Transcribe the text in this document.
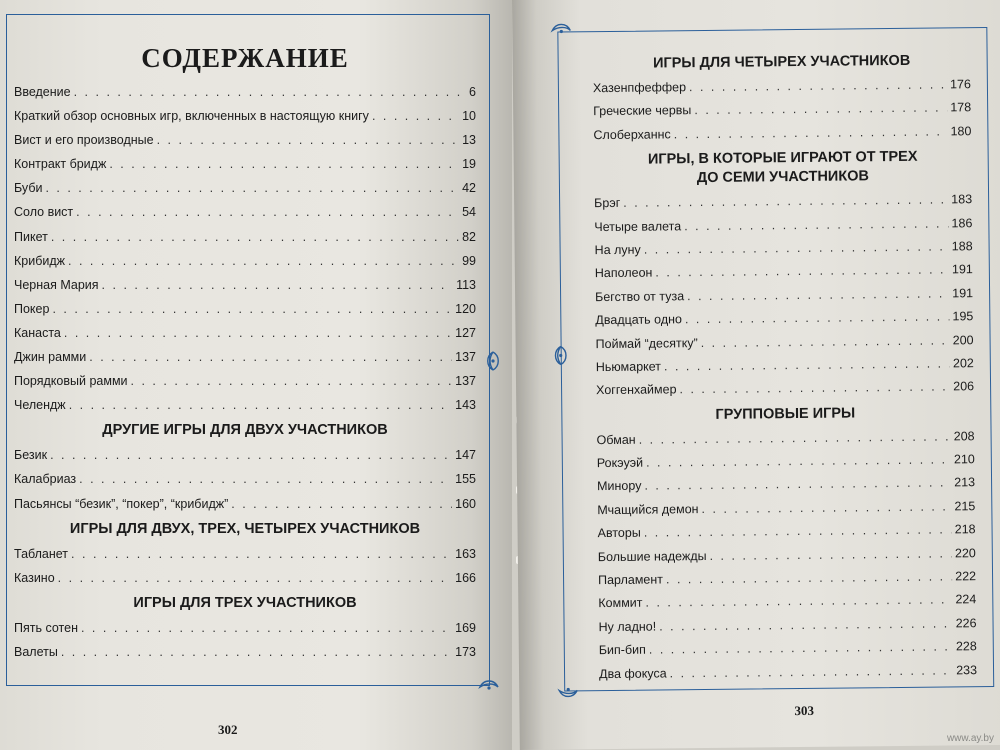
СОДЕРЖАНИЕ
Введение . . .	6
Краткий обзор основных игр, включенных в настоящую книгу . . .	10
Вист и его производные . . .	13
Контракт бридж . . .	19
Буби . . .	42
Соло вист . . .	54
Пикет . . .	82
Крибидж . . .	99
Черная Мария . . .	113
Покер . . .	120
Канаста . . .	127
Джин рамми . . .	137
Порядковый рамми . . .	137
Челендж . . .	143
ДРУГИЕ ИГРЫ ДЛЯ ДВУХ УЧАСТНИКОВ
Безик . . .	147
Калабриаз . . .	155
Пасьянсы “безик”, “покер”, “крибидж” . . .	160
ИГРЫ ДЛЯ ДВУХ, ТРЕХ, ЧЕТЫРЕХ УЧАСТНИКОВ
Табланет . . .	163
Казино . . .	166
ИГРЫ ДЛЯ ТРЕХ УЧАСТНИКОВ
Пять сотен . . .	169
Валеты . . .	173
302
ИГРЫ ДЛЯ ЧЕТЫРЕХ УЧАСТНИКОВ
Хазенпфеффер . . .	176
Греческие червы . . .	178
Слоберханнс . . .	180
ИГРЫ, В КОТОРЫЕ ИГРАЮТ ОТ ТРЕХ
ДО СЕМИ УЧАСТНИКОВ
Брэг . . .	183
Четыре валета . . .	186
На луну . . .	188
Наполеон . . .	191
Бегство от туза . . .	191
Двадцать одно . . .	195
Поймай “десятку” . . .	200
Ньюмаркет . . .	202
Хоггенхаймер . . .	206
ГРУППОВЫЕ ИГРЫ
Обман . . .	208
Рокэуэй . . .	210
Минору . . .	213
Мчащийся демон . . .	215
Авторы . . .	218
Большие надежды . . .	220
Парламент . . .	222
Коммит . . .	224
Ну ладно! . . .	226
Бип-бип . . .	228
Два фокуса . . .	233
303
www.ay.by
